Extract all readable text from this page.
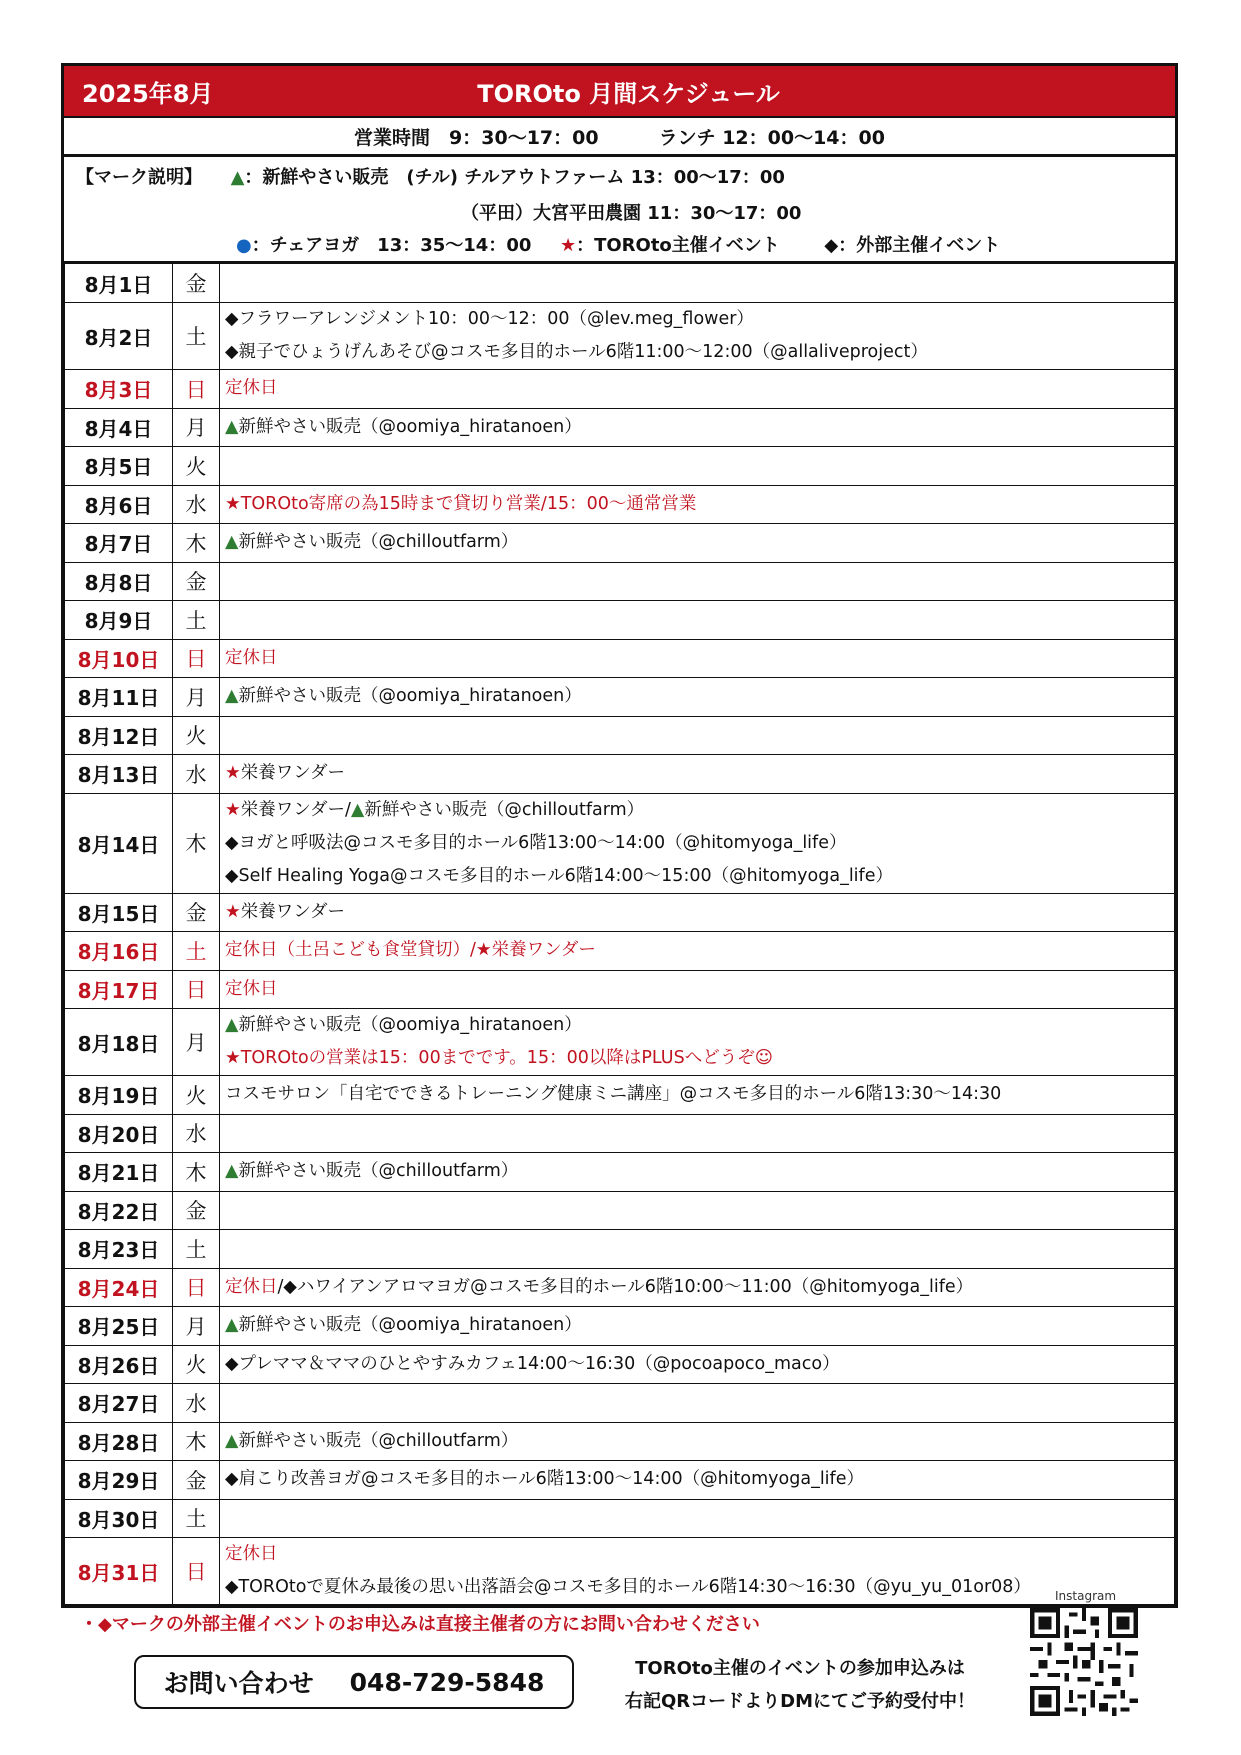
2025年8月	TOROto 月間スケジュール
営業時間　9：30〜17：00	ランチ 12：00〜14：00
【マーク説明】 ▲：新鮮やさい販売　(チル) チルアウトファーム 13：00〜17：00
（平田）大宮平田農園 11：30〜17：00
●：チェアヨガ　13：35〜14：00 ★：TOROto主催イベント ◆：外部主催イベント
8月1日	金	
8月2日	土	◆フラワーアレンジメント10：00〜12：00（@lev.meg_flower）
◆親子でひょうげんあそび@コスモ多目的ホール6階11:00〜12:00（@allaliveproject）

8月3日	日	定休日

8月4日	月	▲新鮮やさい販売（@oomiya_hiratanoen）

8月5日	火	
8月6日	水	★TOROto寄席の為15時まで貸切り営業/15：00〜通常営業

8月7日	木	▲新鮮やさい販売（@chilloutfarm）

8月8日	金	
8月9日	土	
8月10日	日	定休日

8月11日	月	▲新鮮やさい販売（@oomiya_hiratanoen）

8月12日	火	
8月13日	水	★栄養ワンダー

8月14日	木	★栄養ワンダー/▲新鮮やさい販売（@chilloutfarm）
◆ヨガと呼吸法@コスモ多目的ホール6階13:00〜14:00（@hitomyoga_life）
◆Self Healing Yoga@コスモ多目的ホール6階14:00〜15:00（@hitomyoga_life）

8月15日	金	★栄養ワンダー

8月16日	土	定休日（土呂こども食堂貸切）/★栄養ワンダー

8月17日	日	定休日

8月18日	月	▲新鮮やさい販売（@oomiya_hiratanoen）
★TOROtoの営業は15：00までです。15：00以降はPLUSへどうぞ☺

8月19日	火	コスモサロン「自宅でできるトレーニング健康ミニ講座」@コスモ多目的ホール6階13:30〜14:30

8月20日	水	
8月21日	木	▲新鮮やさい販売（@chilloutfarm）

8月22日	金	
8月23日	土	
8月24日	日	定休日/◆ハワイアンアロマヨガ@コスモ多目的ホール6階10:00〜11:00（@hitomyoga_life）

8月25日	月	▲新鮮やさい販売（@oomiya_hiratanoen）

8月26日	火	◆プレママ＆ママのひとやすみカフェ14:00〜16:30（@pocoapoco_maco）

8月27日	水	
8月28日	木	▲新鮮やさい販売（@chilloutfarm）

8月29日	金	◆肩こり改善ヨガ@コスモ多目的ホール6階13:00〜14:00（@hitomyoga_life）

8月30日	土	
8月31日	日	定休日
◆TOROtoで夏休み最後の思い出落語会@コスモ多目的ホール6階14:30〜16:30（@yu_yu_01or08）
・◆マークの外部主催イベントのお申込みは直接主催者の方にお問い合わせください
お問い合わせ 048-729-5848	TOROto主催のイベントの参加申込みは
右記QRコードよりDMにてご予約受付中！
Instagram
